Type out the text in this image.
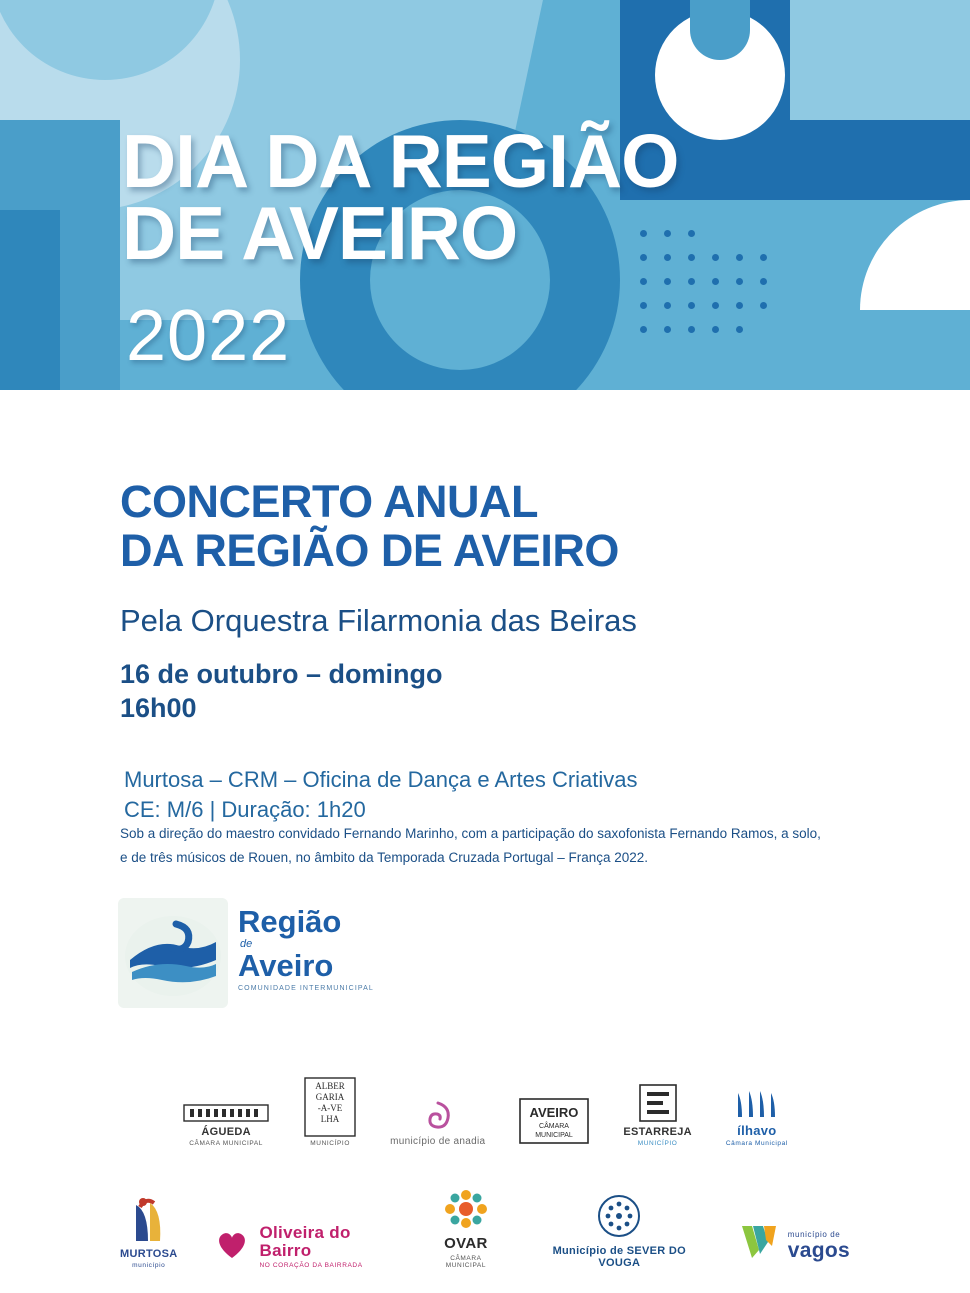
DIA DA REGIÃO
DE AVEIRO
2022
CONCERTO ANUAL
DA REGIÃO DE AVEIRO
Pela Orquestra Filarmonia das Beiras
16 de outubro – domingo
16h00
Murtosa – CRM – Oficina de Dança e Artes Criativas
CE: M/6 | Duração: 1h20
Sob a direção do maestro convidado Fernando Marinho, com a participação do saxofonista Fernando Ramos, a solo,
e de três músicos de Rouen, no âmbito da Temporada Cruzada Portugal – França 2022.
Região
de
Aveiro
COMUNIDADE INTERMUNICIPAL
ÁGUEDA
CÂMARA MUNICIPAL
ALBER
GARIA
-A-VE
LHA
MUNICÍPIO	município de anadia
AVEIRO
CÂMARA
MUNICIPAL	ESTARREJA
MUNICÍPIO
ílhavo
Câmara Municipal
MURTOSA
município
Oliveira do Bairro
NO CORAÇÃO DA BAIRRADA
OVAR
CÂMARA MUNICIPAL
Município de SEVER DO VOUGA
município de
vagos
